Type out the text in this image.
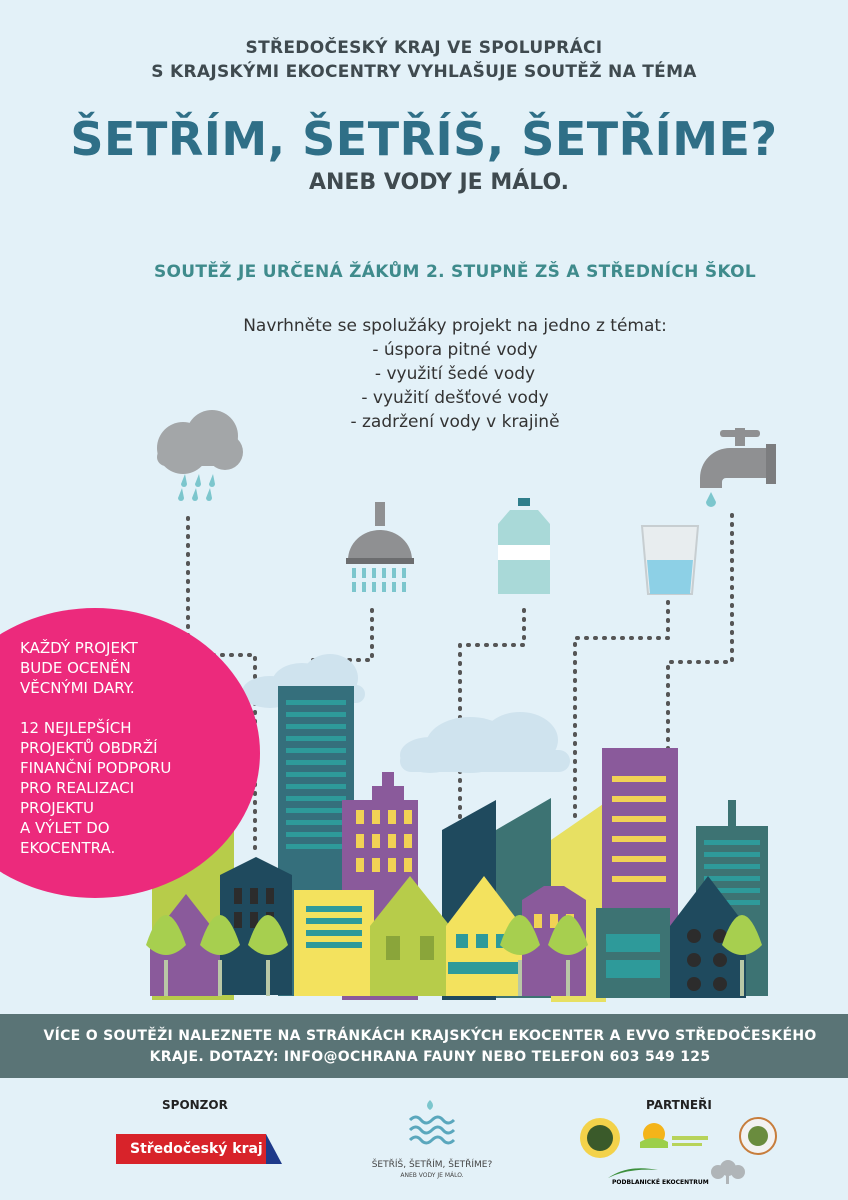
STŘEDOČESKÝ KRAJ VE SPOLUPRÁCI
S KRAJSKÝMI EKOCENTRY VYHLAŠUJE SOUTĚŽ NA TÉMA
ŠETŘÍM, ŠETŘÍŠ, ŠETŘÍME?
ANEB VODY JE MÁLO.
SOUTĚŽ JE URČENÁ ŽÁKŮM 2. STUPNĚ ZŠ A STŘEDNÍCH ŠKOL
Navrhněte se spolužáky projekt na jedno z témat:
- úspora pitné vody
- využití šedé vody
- využití dešťové vody
- zadržení vody v krajině
KAŽDÝ PROJEKT
BUDE OCENĚN
VĚCNÝMI DARY.
12 NEJLEPŠÍCH
PROJEKTŮ OBDRŽÍ
FINANČNÍ PODPORU
PRO REALIZACI
PROJEKTU
A VÝLET DO
EKOCENTRA.
VÍCE O SOUTĚŽI NALEZNETE NA STRÁNKÁCH KRAJSKÝCH EKOCENTER A EVVO STŘEDOČESKÉHO
KRAJE. DOTAZY: INFO@OCHRANA FAUNY NEBO TELEFON 603 549 125
SPONZOR
Středočeský kraj
ŠETŘÍŠ, ŠETŘÍM, ŠETŘÍME?
ANEB VODY JE MÁLO.
PARTNEŘI
PODBLANICKÉ EKOCENTRUM
